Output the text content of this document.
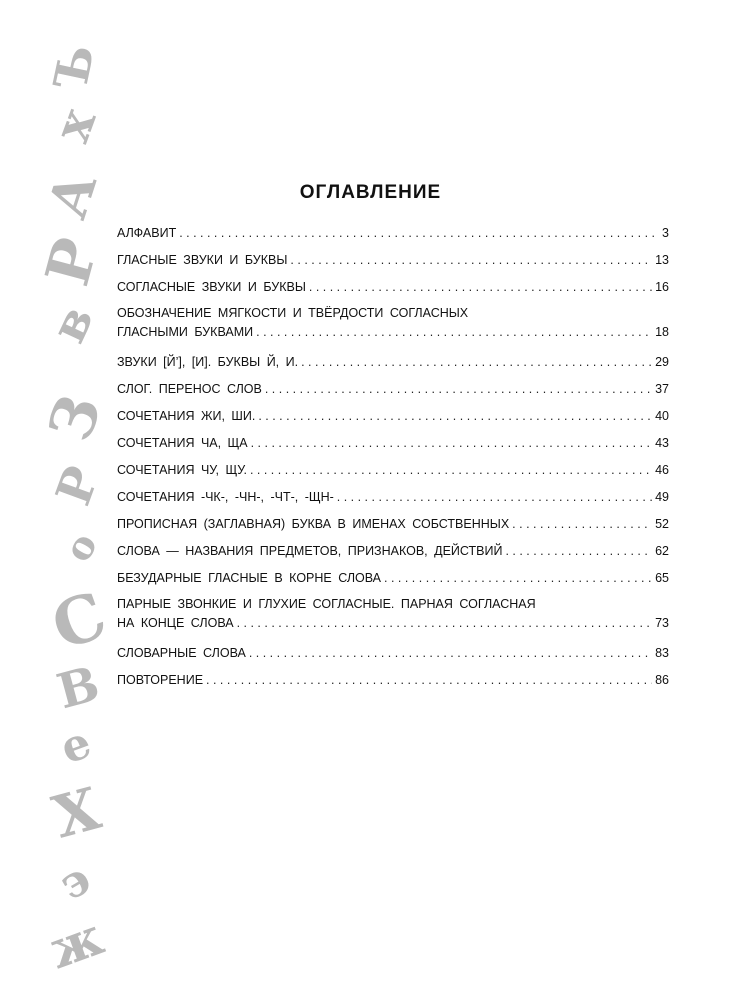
Ъ
х
А
Р
в
З
Р
о
С
В
е
Х
э
ж
ОГЛАВЛЕНИЕ
АЛФАВИТ . . .	3
ГЛАСНЫЕ ЗВУКИ И БУКВЫ . . .	13
СОГЛАСНЫЕ ЗВУКИ И БУКВЫ . . .	16
ОБОЗНАЧЕНИЕ МЯГКОСТИ И ТВЁРДОСТИ СОГЛАСНЫХ
ГЛАСНЫМИ БУКВАМИ . . .	18
ЗВУКИ [Й’], [И]. БУКВЫ Й, И. . . .	29
СЛОГ. ПЕРЕНОС СЛОВ . . .	37
СОЧЕТАНИЯ ЖИ, ШИ. . . .	40
СОЧЕТАНИЯ ЧА, ЩА . . .	43
СОЧЕТАНИЯ ЧУ, ЩУ. . . .	46
СОЧЕТАНИЯ -ЧК-, -ЧН-, -ЧТ-, -ЩН- . . .	49
ПРОПИСНАЯ (ЗАГЛАВНАЯ) БУКВА В ИМЕНАХ СОБСТВЕННЫХ . . .	52
СЛОВА — НАЗВАНИЯ ПРЕДМЕТОВ, ПРИЗНАКОВ, ДЕЙСТВИЙ . . .	62
БЕЗУДАРНЫЕ ГЛАСНЫЕ В КОРНЕ СЛОВА . . .	65
ПАРНЫЕ ЗВОНКИЕ И ГЛУХИЕ СОГЛАСНЫЕ. ПАРНАЯ СОГЛАСНАЯ
НА КОНЦЕ СЛОВА . . .	73
СЛОВАРНЫЕ СЛОВА . . .	83
ПОВТОРЕНИЕ . . .	86
